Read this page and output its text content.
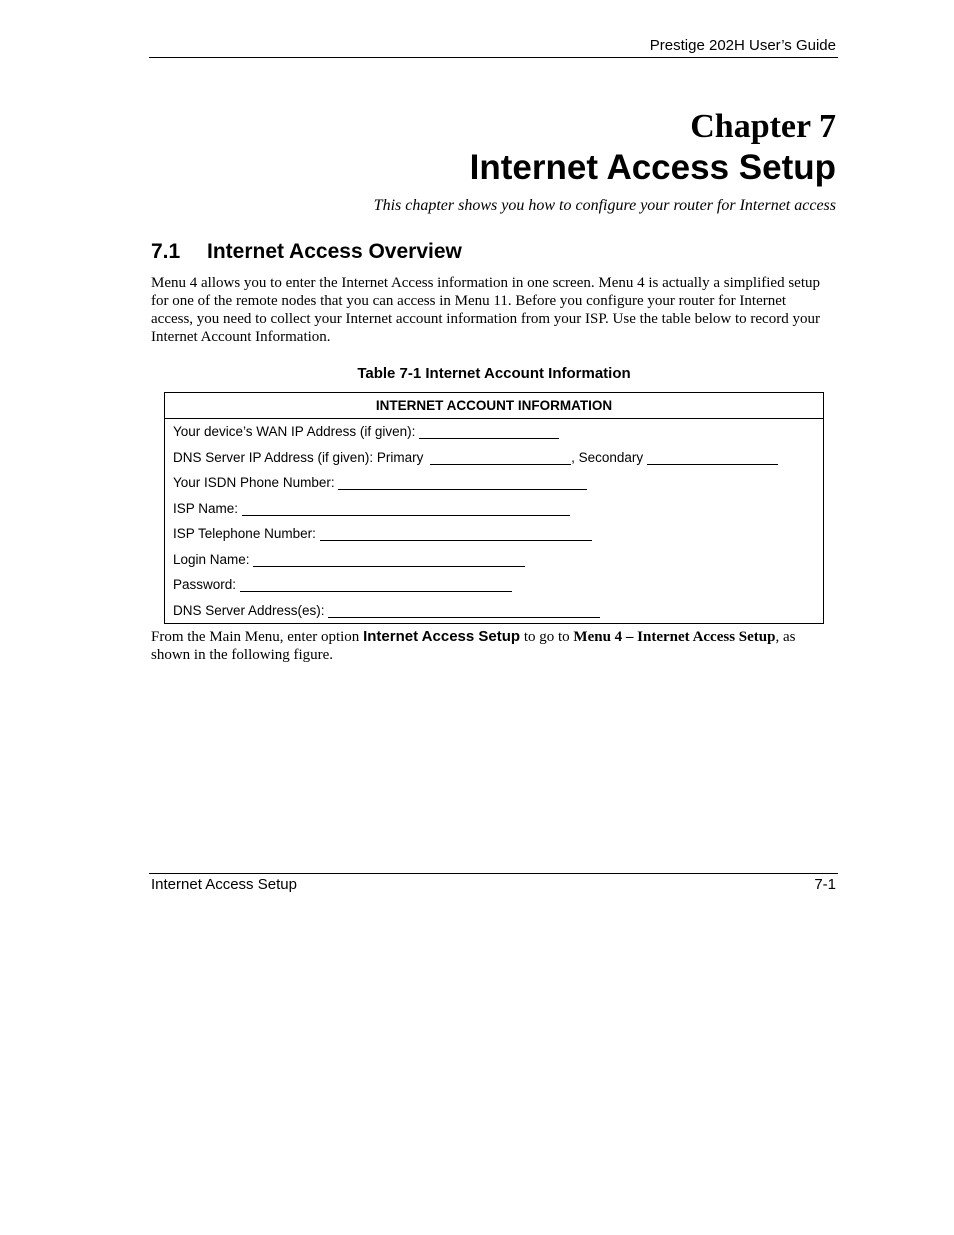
Prestige 202H User’s Guide
Chapter 7
Internet Access Setup
This chapter shows you how to configure your router for Internet access
7.1 Internet Access Overview
Menu 4 allows you to enter the Internet Access information in one screen. Menu 4 is actually a simplified setup for one of the remote nodes that you can access in Menu 11. Before you configure your router for Internet access, you need to collect your Internet account information from your ISP. Use the table below to record your Internet Account Information.
Table 7-1 Internet Account Information
INTERNET ACCOUNT INFORMATION
Your device’s WAN IP Address (if given):
DNS Server IP Address (if given): Primary	, Secondary
Your ISDN Phone Number:
ISP Name:
ISP Telephone Number:
Login Name:
Password:
DNS Server Address(es):
From the Main Menu, enter option Internet Access Setup to go to Menu 4 – Internet Access Setup, as shown in the following figure.
Internet Access Setup	7-1
